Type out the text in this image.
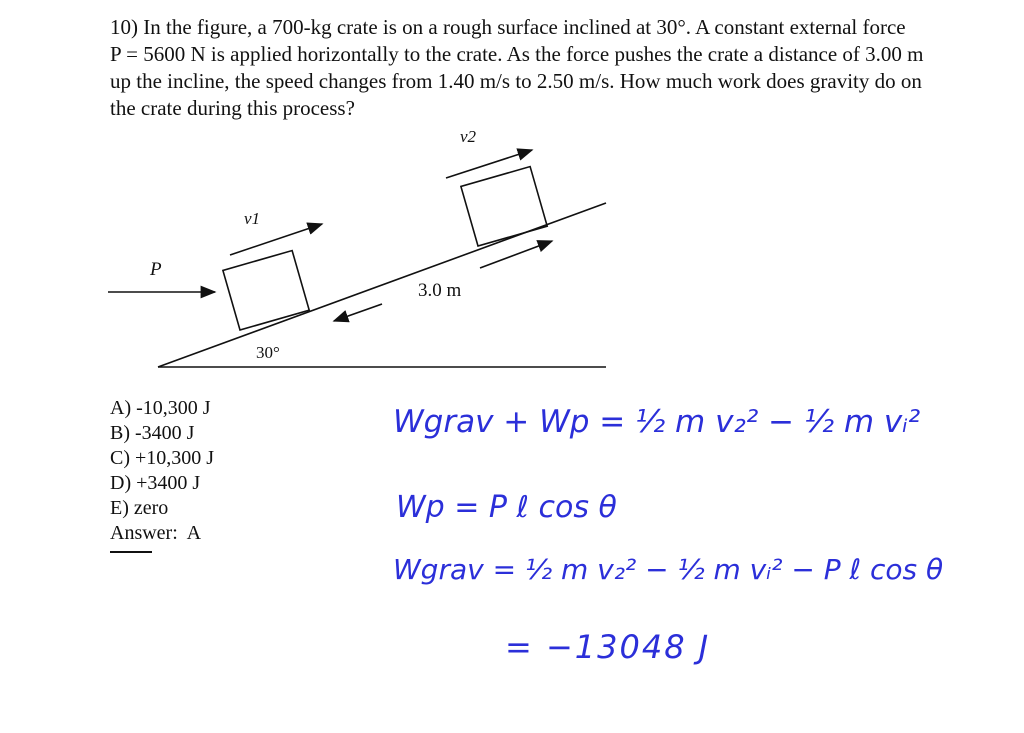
10) In the figure, a 700-kg crate is on a rough surface inclined at 30°. A constant external force
P = 5600 N is applied horizontally to the crate. As the force pushes the crate a distance of 3.00 m
up the incline, the speed changes from 1.40 m/s to 2.50 m/s. How much work does gravity do on
the crate during this process?

P
v1
v2
3.0 m
30°
A) -10,300 J
B) -3400 J
C) +10,300 J
D) +3400 J
E) zero
Answer:  A
Wgrav + Wp = ½ m v₂² − ½ m vᵢ²
Wp = P ℓ cos θ
Wgrav = ½ m v₂² − ½ m vᵢ² − P ℓ cos θ
= −13048 J
